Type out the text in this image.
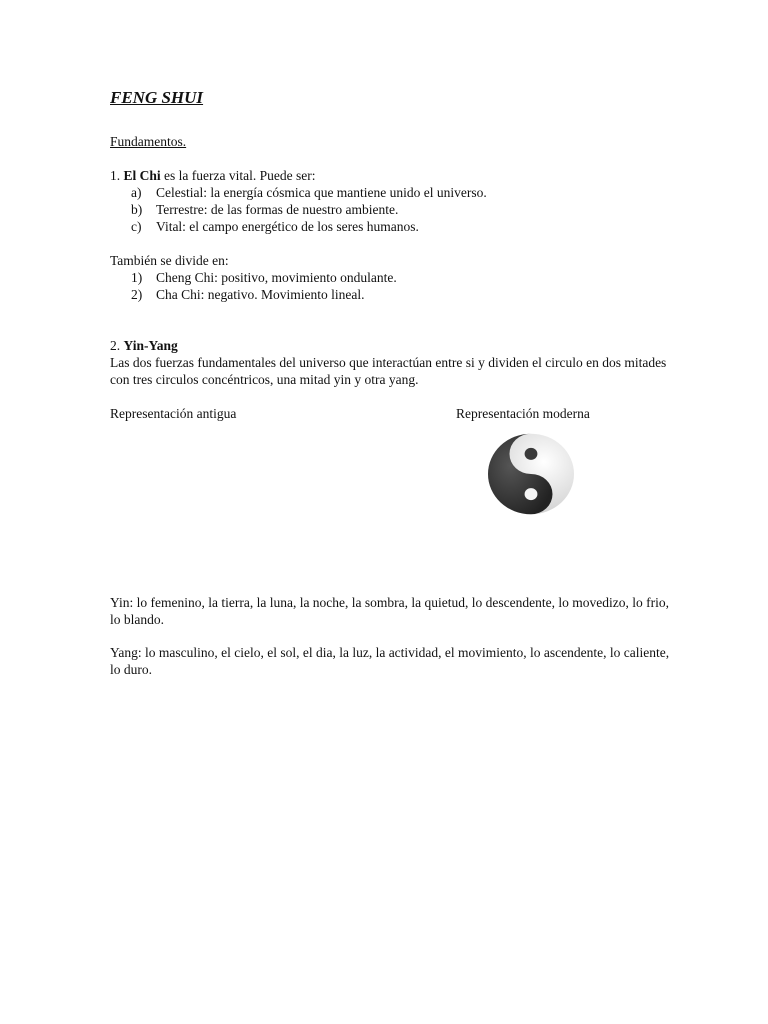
FENG SHUI
Fundamentos.

1. El Chi es la fuerza vital. Puede ser:

a) Celestial: la energía cósmica que mantiene unido el universo.
b) Terrestre: de las formas de nuestro ambiente.
c) Vital: el campo energético de los seres humanos.

También se divide en:

1) Cheng Chi: positivo, movimiento ondulante.
2) Cha Chi: negativo. Movimiento lineal.

2. Yin-Yang

Las dos fuerzas fundamentales del universo que interactúan entre si y dividen el circulo en dos mitades con tres circulos concéntricos, una mitad yin y otra yang.

Representación antigua	Representación moderna

Yin: lo femenino, la tierra, la luna, la noche, la sombra, la quietud, lo descendente, lo movedizo, lo frio, lo blando.

Yang: lo masculino, el cielo, el sol, el dia, la luz, la actividad, el movimiento, lo ascendente, lo caliente, lo duro.
